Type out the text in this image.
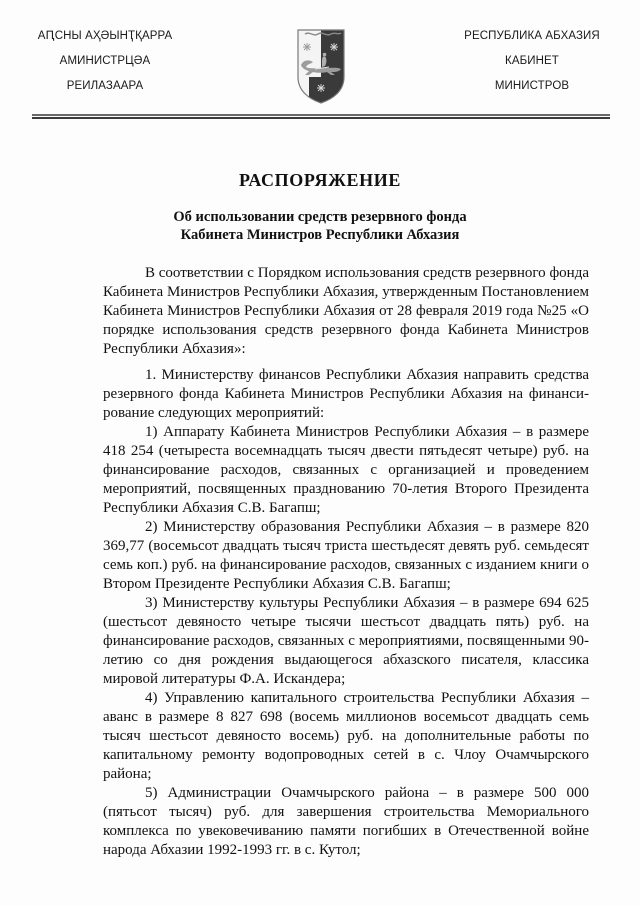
АԤСНЫ АҲӘЫНҬҚАРРА
АМИНИСТРЦӘА
РЕИЛАЗААРА
РЕСПУБЛИКА АБХАЗИЯ
КАБИНЕТ
МИНИСТРОВ
РАСПОРЯЖЕНИЕ
Об использовании средств резервного фонда
Кабинета Министров Республики Абхазия

В соответствии с Порядком использования средств резервного фонда Кабинета Министров Республики Абхазия, утвержденным Постановлением Кабинета Министров Республики Абхазия от 28 февраля 2019 года №25 «О порядке использования средств резервного фонда Кабинета Министров Республики Абхазия»:

1. Министерству финансов Республики Абхазия направить средства резервного фонда Кабинета Министров Республики Абхазия на финансирование следующих мероприятий:

1) Аппарату Кабинета Министров Республики Абхазия – в размере 418 254 (четыреста восемнадцать тысяч двести пятьдесят четыре) руб. на финансирование расходов, связанных с организацией и проведением мероприятий, посвященных празднованию 70-летия Второго Президента Республики Абхазия С.В. Багапш;

2) Министерству образования Республики Абхазия – в размере 820 369,77 (восемьсот двадцать тысяч триста шестьдесят девять руб. семьдесят семь коп.) руб. на финансирование расходов, связанных с изданием книги о Втором Президенте Республики Абхазия С.В. Багапш;

3) Министерству культуры Республики Абхазия – в размере 694 625 (шестьсот девяносто четыре тысячи шестьсот двадцать пять) руб. на финансирование расходов, связанных с мероприятиями, посвященными 90-летию со дня рождения выдающегося абхазского писателя, классика мировой литературы Ф.А. Искандера;

4) Управлению капитального строительства Республики Абхазия – аванс в размере 8 827 698 (восемь миллионов восемьсот двадцать семь тысяч шестьсот девяносто восемь) руб. на дополнительные работы по капитальному ремонту водопроводных сетей в с. Члоу Очамчырского района;

5) Администрации Очамчырского района – в размере 500 000 (пятьсот тысяч) руб. для завершения строительства Мемориального комплекса по увековечиванию памяти погибших в Отечественной войне народа Абхазии 1992-1993 гг. в с. Кутол;
